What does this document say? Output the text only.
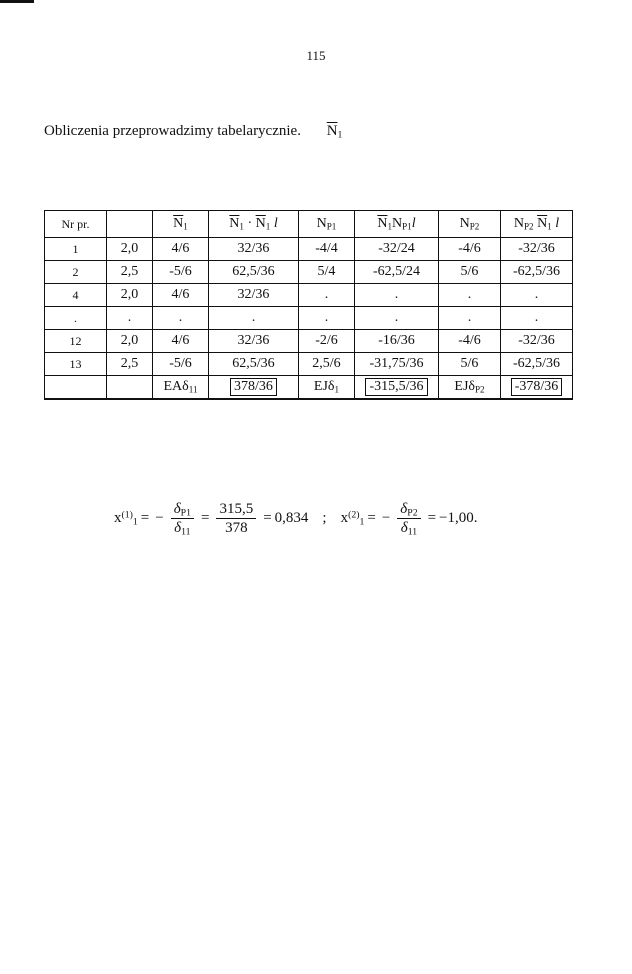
115
Obliczenia przeprowadzimy tabelarycznie. $\overline{N}_1$
Nr pr.		$\overline{N}_1$	$\overline{N}_1 \cdot \overline{N}_1$ l	$N_{P1}$	$\overline{N}_1N_{P1}l$	$N_{P2}$	$N_{P2}$ $\overline{N}_1$ l
1	2,0	4/6	32/36	-4/4	-32/24	-4/6	-32/36
2	2,5	-5/6	62,5/36	5/4	-62,5/24	5/6	-62,5/36
4	2,0	4/6	32/36	.	.	.	.
.	.	.	.	.	.	.	.
12	2,0	4/6	32/36	-2/6	-16/36	-4/6	-32/36
13	2,5	-5/6	62,5/36	2,5/6	-31,75/36	5/6	-62,5/36
		EAδ$_{11}$	378/36	EJδ$_1$	-315,5/36	EJδ$_{P2}$	-378/36
$x^{(1)}_1$ = − $\frac{\delta_{P1}}{\delta_{11}} = \frac{315,5}{378} = 0,834$ ; $x^{(2)}_1$ = − $\frac{\delta_{P2}}{\delta_{11}} = -1,00$ .
